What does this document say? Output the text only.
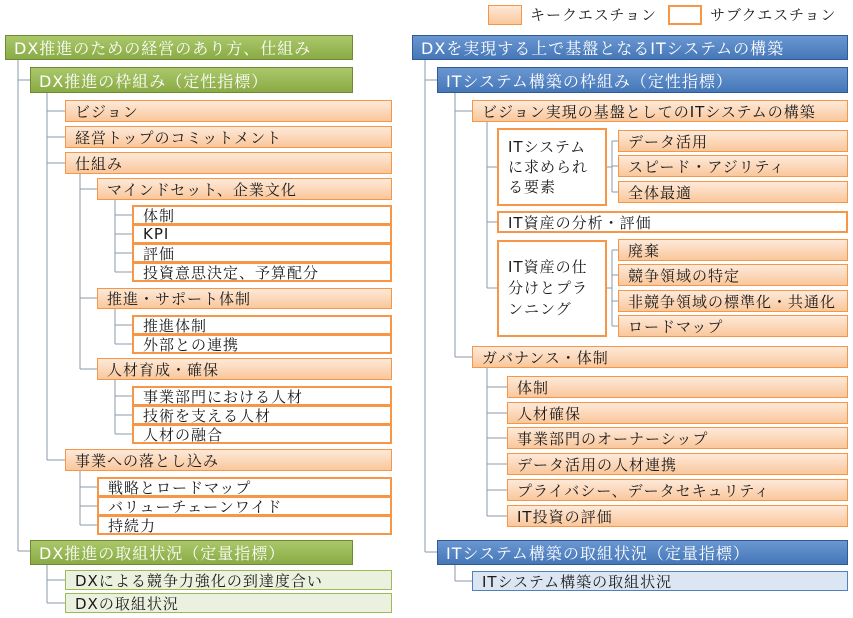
キークエスチョン	サブクエスチョン
DX推進のための経営のあり方、仕組み
DX推進の枠組み（定性指標）
ビジョン
経営トップのコミットメント
仕組み
マインドセット、企業文化
体制
KPI
評価
投資意思決定、予算配分
推進・サポート体制
推進体制
外部との連携
人材育成・確保
事業部門における人材
技術を支える人材
人材の融合
事業への落とし込み
戦略とロードマップ
バリューチェーンワイド
持続力
DX推進の取組状況（定量指標）
DXによる競争力強化の到達度合い
DXの取組状況
DXを実現する上で基盤となるITシステムの構築
ITシステム構築の枠組み（定性指標）
ビジョン実現の基盤としてのITシステムの構築
ITシステム
に求められ
る要素
データ活用
スピード・アジリティ
全体最適
IT資産の分析・評価
IT資産の仕
分けとプラ
ンニング
廃棄
競争領域の特定
非競争領域の標準化・共通化
ロードマップ
ガバナンス・体制
体制
人材確保
事業部門のオーナーシップ
データ活用の人材連携
プライバシー、データセキュリティ
IT投資の評価
ITシステム構築の取組状況（定量指標）
ITシステム構築の取組状況
